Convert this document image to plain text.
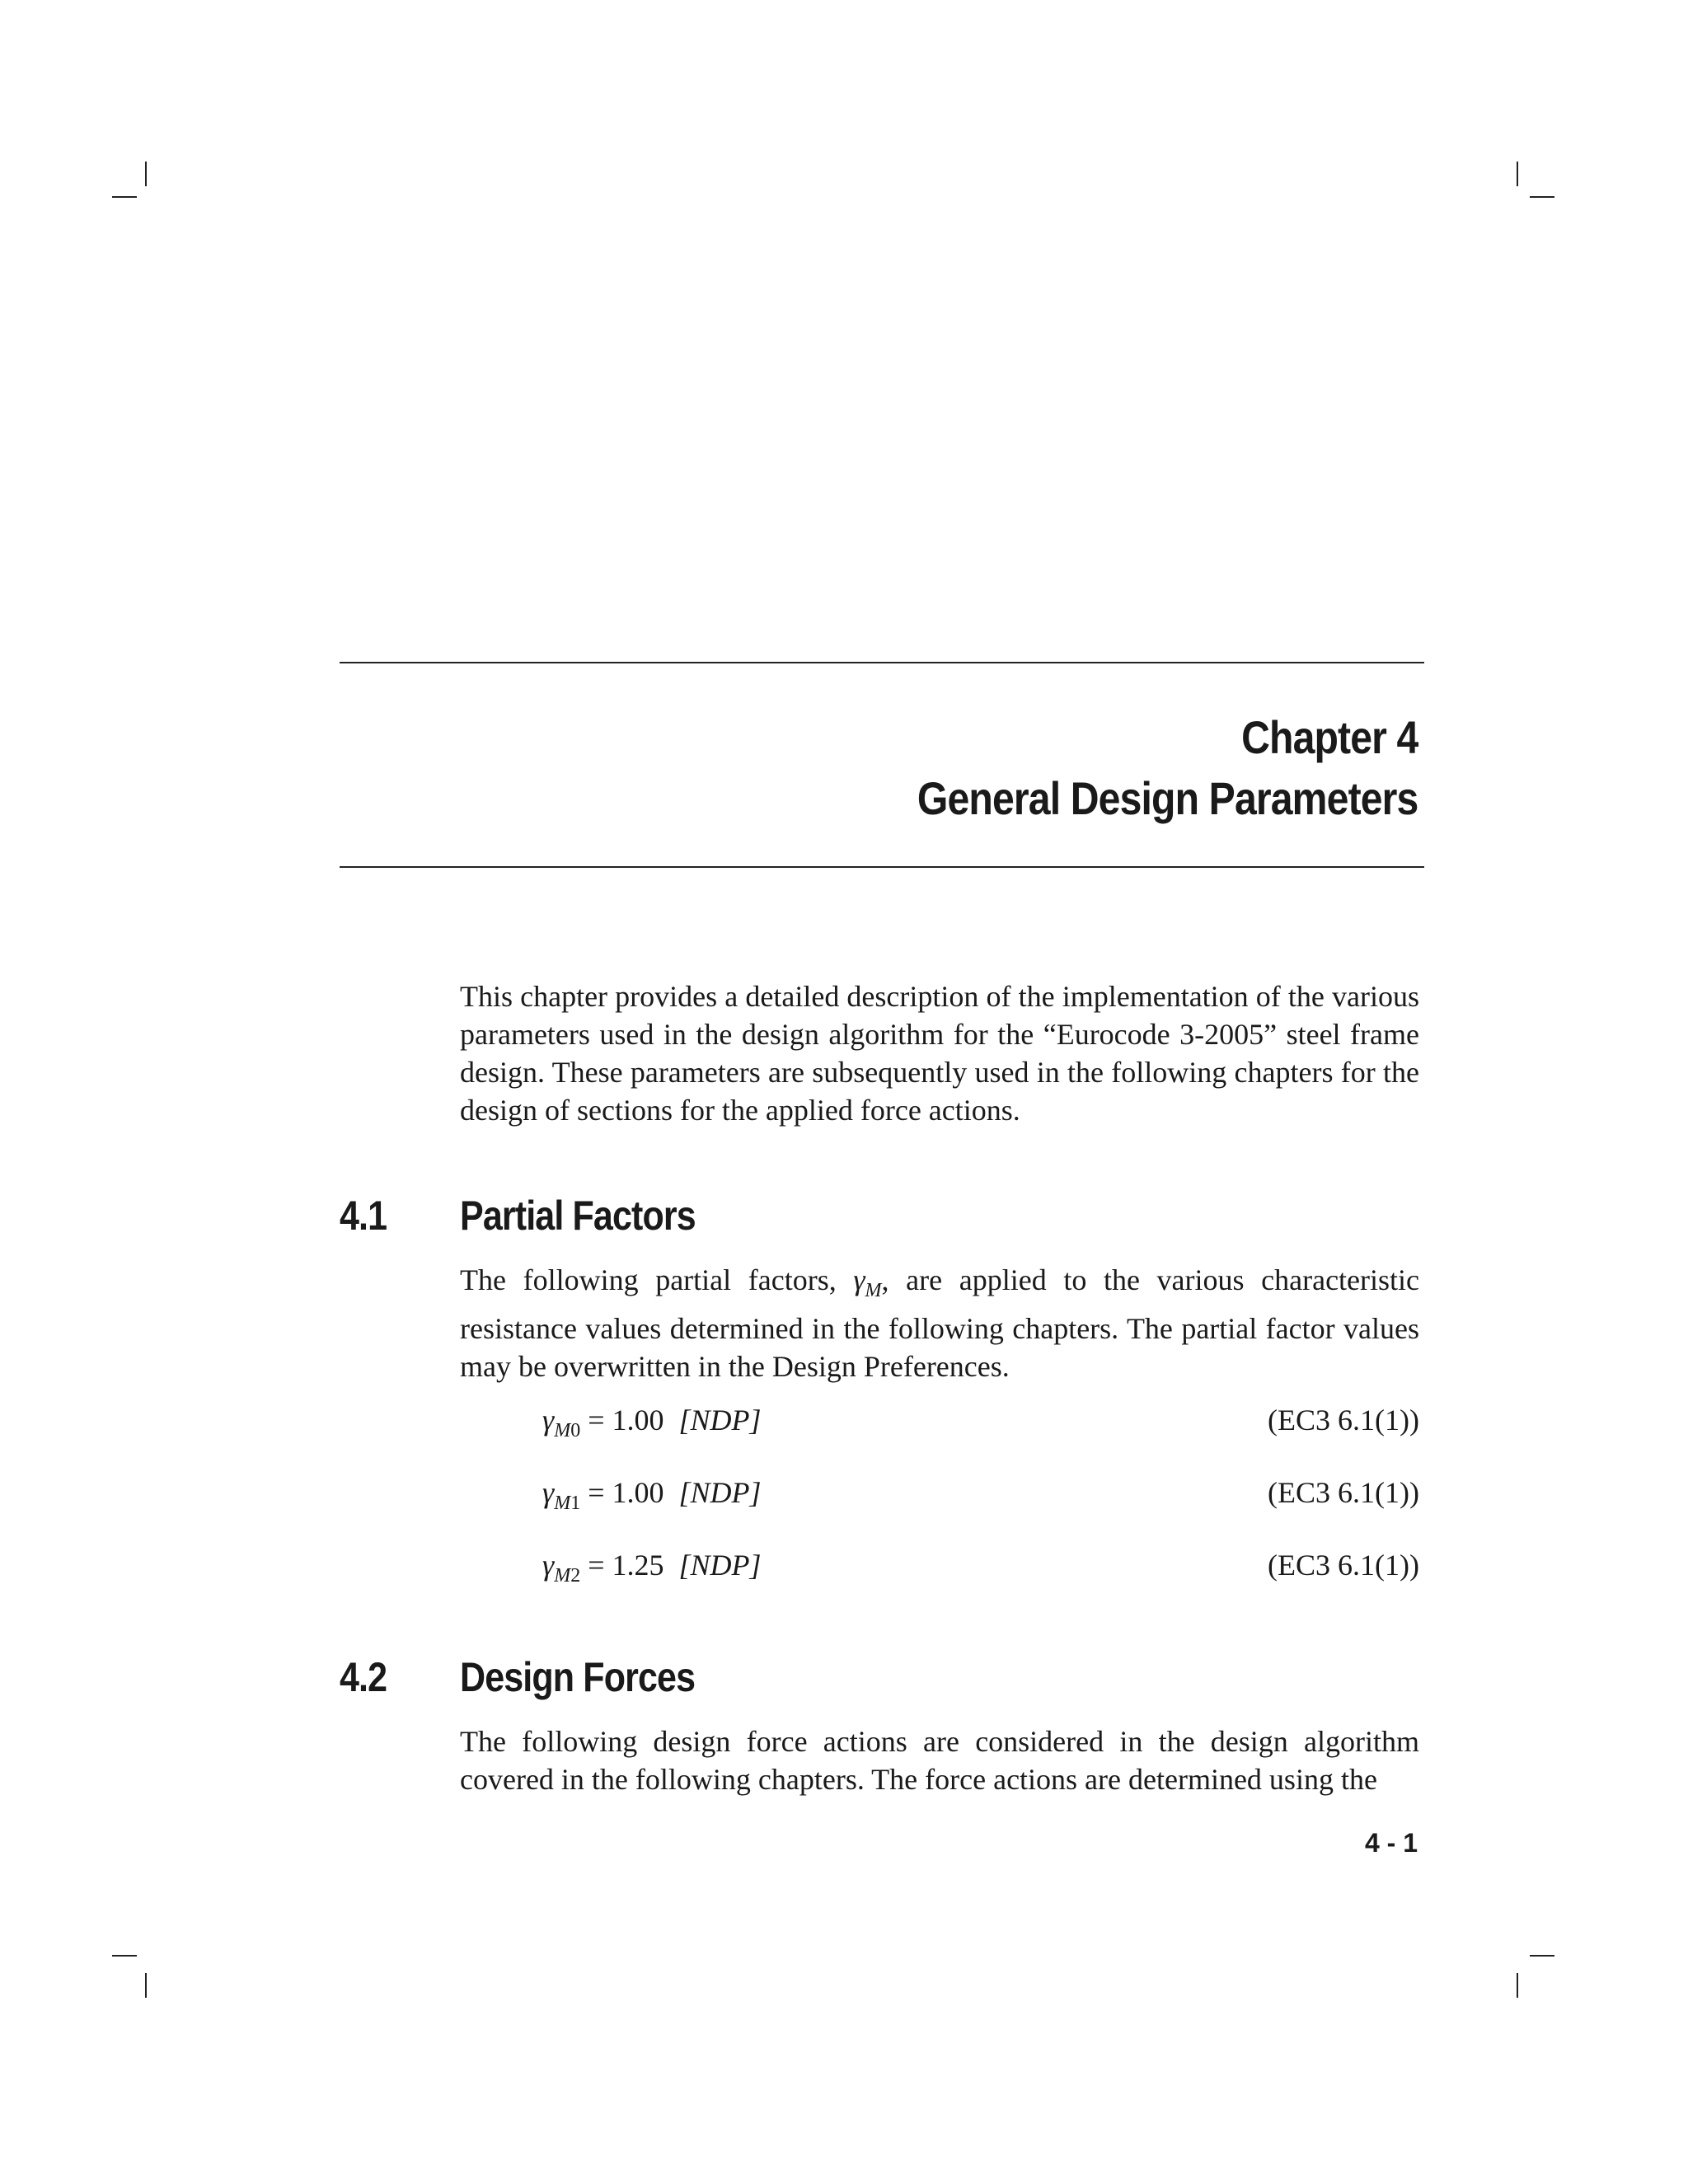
Chapter 4
General Design Parameters

This chapter provides a detailed description of the implementation of the various parameters used in the design algorithm for the “Eurocode 3-2005” steel frame design. These parameters are subsequently used in the following chapters for the design of sections for the applied force actions.

4.1 Partial Factors

The following partial factors, $\gamma_M$, are applied to the various characteristic resistance values determined in the following chapters. The partial factor values may be overwritten in the Design Preferences.

$\gamma_{M0} = 1.00$ [NDP]	(EC3 6.1(1))
$\gamma_{M1} = 1.00$ [NDP]	(EC3 6.1(1))
$\gamma_{M2} = 1.25$ [NDP]	(EC3 6.1(1))
4.2 Design Forces

The following design force actions are considered in the design algorithm covered in the following chapters. The force actions are determined using the

4 - 1
